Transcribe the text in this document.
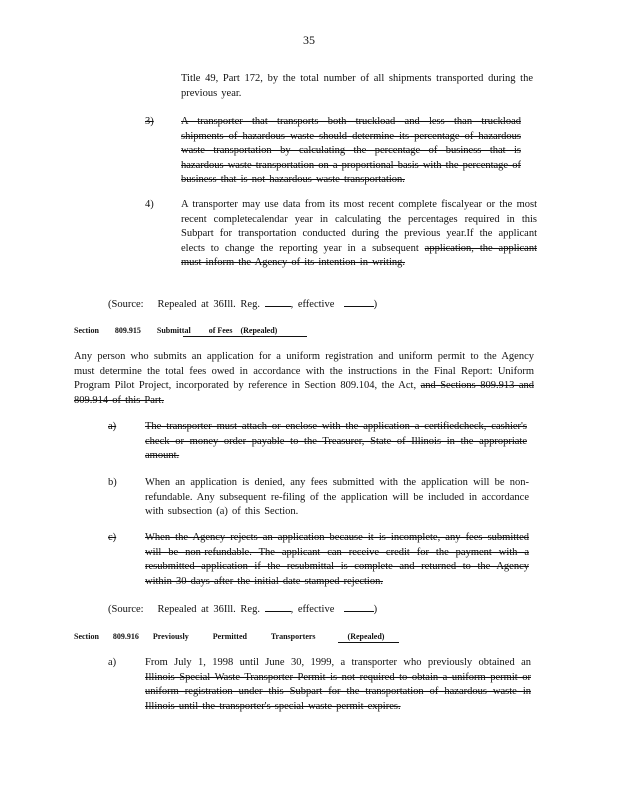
35

Title 49, Part 172, by the total number of all shipments transported during the previous year.

3)	A transporter that transports both truckload and less than truckload shipments of hazardous waste should determine its percentage of hazardous waste transportation by calculating the percentage of business that is hazardous waste transportation on a proportional basis with the percentage of business that is not hazardous waste transportation.

4)	A transporter may use data from its most recent complete fiscalyear or the most recent completecalendar year in calculating the percentages required in this Subpart for transportation conducted during the previous year.If the applicant elects to change the reporting year in a subsequent application, the applicant must inform the Agency of its intention in writing.

(Source: Repealed at 36Ill. Reg.	, effective	)

Section 809.915 Submittal of Fees (Repealed)

Any person who submits an application for a uniform registration and uniform permit to the Agency must determine the total fees owed in accordance with the instructions in the Final Report: Uniform Program Pilot Project, incorporated by reference in Section 809.104, the Act, and Sections 809.913 and 809.914 of this Part.

a)	The transporter must attach or enclose with the application a certifiedcheck, cashier's check or money order payable to the Treasurer, State of Illinois in the appropriate amount.

b)	When an application is denied, any fees submitted with the application will be non-refundable. Any subsequent re-filing of the application will be included in accordance with subsection (a) of this Section.

c)	When the Agency rejects an application because it is incomplete, any fees submitted will be non-refundable. The applicant can receive credit for the payment with a resubmitted application if the resubmittal is complete and returned to the Agency within 30 days after the initial date stamped rejection.

(Source: Repealed at 36Ill. Reg.	, effective	)

Section 809.916 Previously	Permitted	Transporters	(Repealed)
a)	From July 1, 1998 until June 30, 1999, a transporter who previously obtained an Illinois Special Waste Transporter Permit is not required to obtain a uniform permit or uniform registration under this Subpart for the transportation of hazardous waste in Illinois until the transporter's special waste permit expires.
